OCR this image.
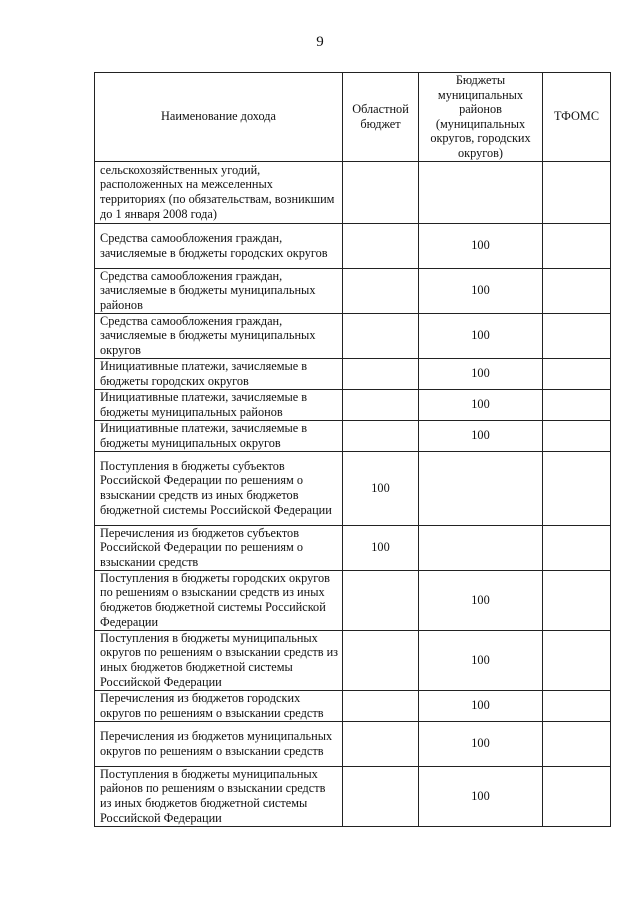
9
Наименование дохода	Областной бюджет	Бюджеты муниципальных районов (муниципальных округов, городских округов)	ТФОМС
сельскохозяйственных угодий, расположенных на межселенных территориях (по обязательствам, возникшим до 1 января 2008 года)			
Средства самообложения граждан, зачисляемые в бюджеты городских округов		100	
Средства самообложения граждан, зачисляемые в бюджеты муниципальных районов		100	
Средства самообложения граждан, зачисляемые в бюджеты муниципальных округов		100	
Инициативные платежи, зачисляемые в бюджеты городских округов		100	
Инициативные платежи, зачисляемые в бюджеты муниципальных районов		100	
Инициативные платежи, зачисляемые в бюджеты муниципальных округов		100	
Поступления в бюджеты субъектов Российской Федерации по решениям о взыскании средств из иных бюджетов бюджетной системы Российской Федерации	100		
Перечисления из бюджетов субъектов Российской Федерации по решениям о взыскании средств	100		
Поступления в бюджеты городских округов по решениям о взыскании средств из иных бюджетов бюджетной системы Российской Федерации		100	
Поступления в бюджеты муниципальных округов по решениям о взыскании средств из иных бюджетов бюджетной системы Российской Федерации		100	
Перечисления из бюджетов городских округов по решениям о взыскании средств		100	
Перечисления из бюджетов муниципальных округов по решениям о взыскании средств		100	
Поступления в бюджеты муниципальных районов по решениям о взыскании средств из иных бюджетов бюджетной системы Российской Федерации		100	
